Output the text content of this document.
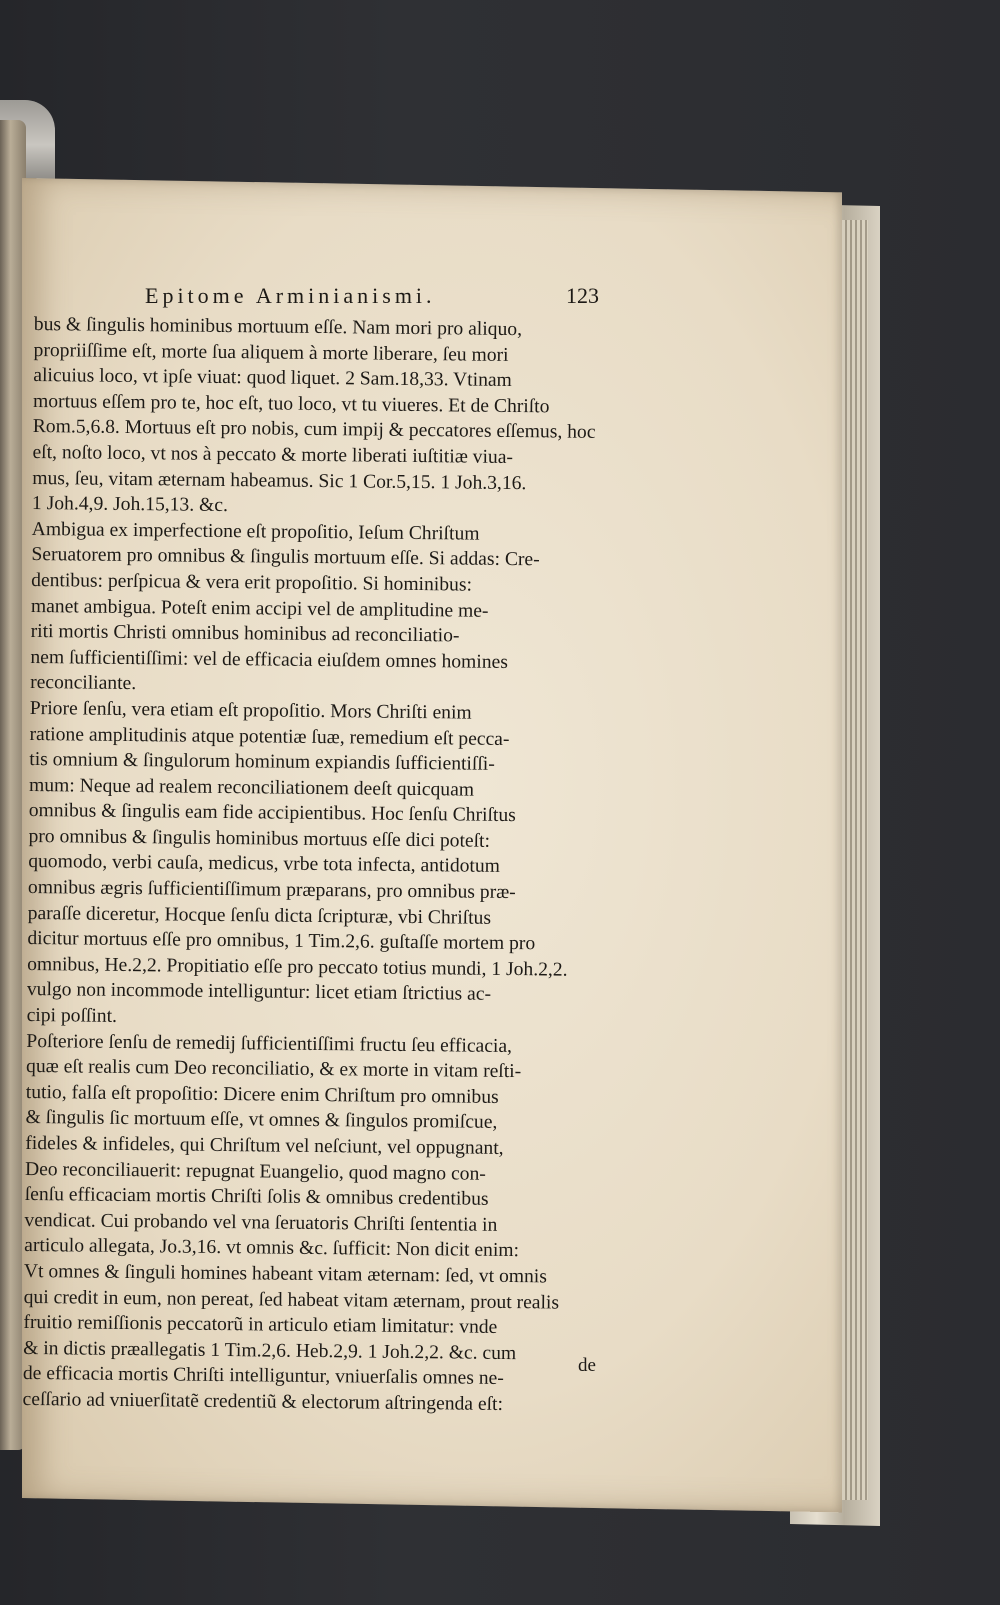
Epitome Arminianismi.	123
bus & ſingulis hominibus mortuum eſſe. Nam mori pro aliquo,
propriiſſime eſt, morte ſua aliquem à morte liberare, ſeu mori
alicuius loco, vt ipſe viuat: quod liquet. 2 Sam.18,33. Vtinam
mortuus eſſem pro te, hoc eſt, tuo loco, vt tu viueres. Et de Chriſto
Rom.5,6.8. Mortuus eſt pro nobis, cum impij & peccatores eſſemus, hoc
eſt, noſto loco, vt nos à peccato & morte liberati iuſtitiæ viua-
mus, ſeu, vitam æternam habeamus. Sic 1 Cor.5,15. 1 Joh.3,16.
1 Joh.4,9. Joh.15,13. &c.
Ambigua ex imperfectione eſt propoſitio, Ieſum Chriſtum
Seruatorem pro omnibus & ſingulis mortuum eſſe. Si addas: Cre-
dentibus: perſpicua & vera erit propoſitio. Si hominibus:
manet ambigua. Poteſt enim accipi vel de amplitudine me-
riti mortis Christi omnibus hominibus ad reconciliatio-
nem ſufficientiſſimi: vel de efficacia eiuſdem omnes homines
reconciliante.
Priore ſenſu, vera etiam eſt propoſitio. Mors Chriſti enim
ratione amplitudinis atque potentiæ ſuæ, remedium eſt pecca-
tis omnium & ſingulorum hominum expiandis ſufficientiſſi-
mum: Neque ad realem reconciliationem deeſt quicquam
omnibus & ſingulis eam fide accipientibus. Hoc ſenſu Chriſtus
pro omnibus & ſingulis hominibus mortuus eſſe dici poteſt:
quomodo, verbi cauſa, medicus, vrbe tota infecta, antidotum
omnibus ægris ſufficientiſſimum præparans, pro omnibus præ-
paraſſe diceretur, Hocque ſenſu dicta ſcripturæ, vbi Chriſtus
dicitur mortuus eſſe pro omnibus, 1 Tim.2,6. guſtaſſe mortem pro
omnibus, He.2,2. Propitiatio eſſe pro peccato totius mundi, 1 Joh.2,2.
vulgo non incommode intelliguntur: licet etiam ſtrictius ac-
cipi poſſint.
Poſteriore ſenſu de remedij ſufficientiſſimi fructu ſeu efficacia,
quæ eſt realis cum Deo reconciliatio, & ex morte in vitam reſti-
tutio, falſa eſt propoſitio: Dicere enim Chriſtum pro omnibus
& ſingulis ſic mortuum eſſe, vt omnes & ſingulos promiſcue,
fideles & infideles, qui Chriſtum vel neſciunt, vel oppugnant,
Deo reconciliauerit: repugnat Euangelio, quod magno con-
ſenſu efficaciam mortis Chriſti ſolis & omnibus credentibus
vendicat. Cui probando vel vna ſeruatoris Chriſti ſententia in
articulo allegata, Jo.3,16. vt omnis &c. ſufficit: Non dicit enim:
Vt omnes & ſinguli homines habeant vitam æternam: ſed, vt omnis
qui credit in eum, non pereat, ſed habeat vitam æternam, prout realis
fruitio remiſſionis peccatorũ in articulo etiam limitatur: vnde
& in dictis præallegatis 1 Tim.2,6. Heb.2,9. 1 Joh.2,2. &c. cum
de efficacia mortis Chriſti intelliguntur, vniuerſalis omnes ne-
ceſſario ad vniuerſitatẽ credentiũ & electorum aſtringenda eſt:
de
